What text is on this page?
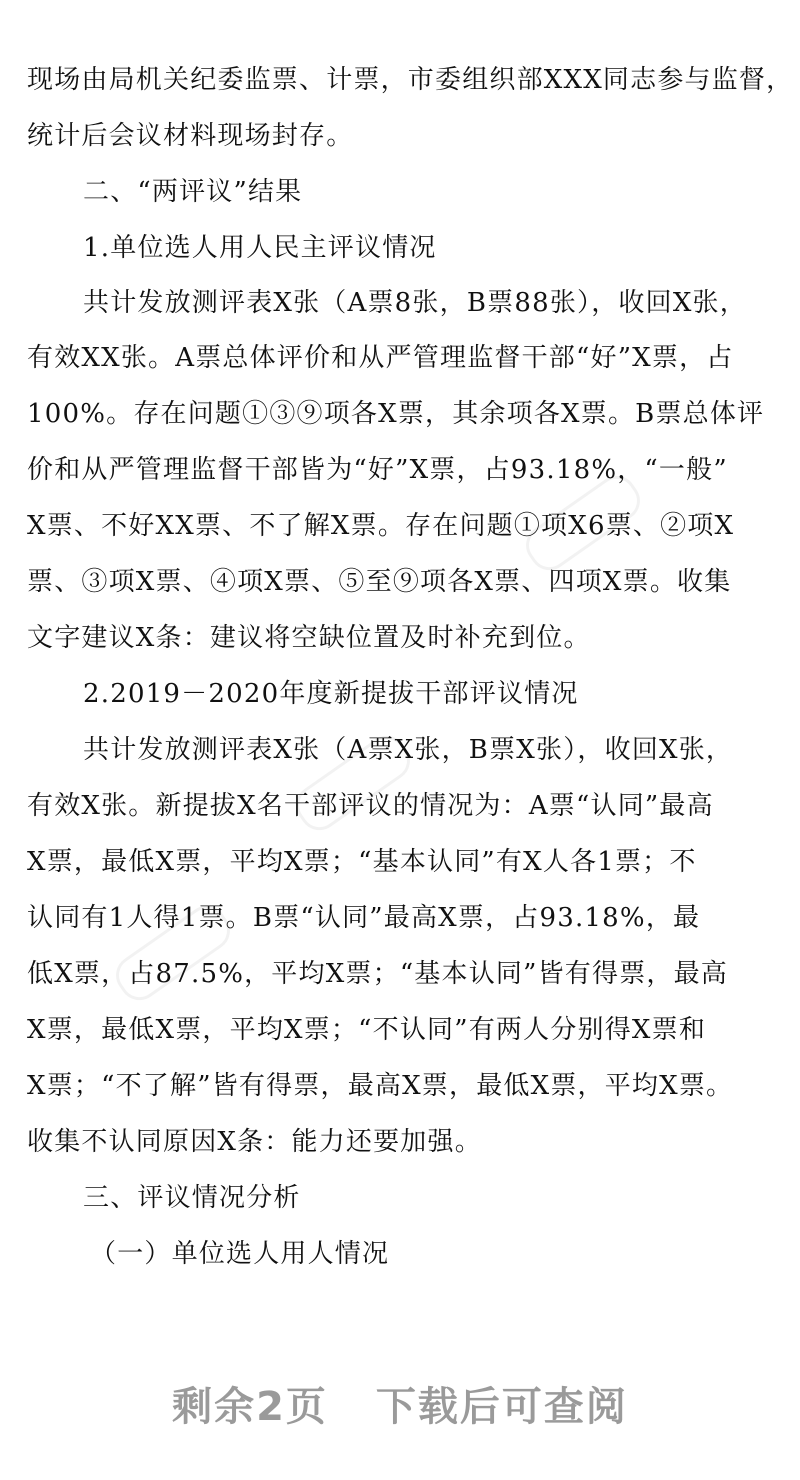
现场由局机关纪委监票、计票，市委组织部XXX同志参与监督，
统计后会议材料现场封存。
二、“两评议”结果
1.单位选人用人民主评议情况
共计发放测评表X张（A票8张，B票88张），收回X张，
有效XX张。A票总体评价和从严管理监督干部“好”X票，占
100%。存在问题①③⑨项各X票，其余项各X票。B票总体评
价和从严管理监督干部皆为“好”X票，占93.18%，“一般”
X票、不好XX票、不了解X票。存在问题①项X6票、②项X
票、③项X票、④项X票、⑤至⑨项各X票、四项X票。收集
文字建议X条：建议将空缺位置及时补充到位。
2.2019－2020年度新提拔干部评议情况
共计发放测评表X张（A票X张，B票X张），收回X张，
有效X张。新提拔X名干部评议的情况为：A票“认同”最高
X票，最低X票，平均X票；“基本认同”有X人各1票；不
认同有1人得1票。B票“认同”最高X票，占93.18%，最
低X票，占87.5%，平均X票；“基本认同”皆有得票，最高
X票，最低X票，平均X票；“不认同”有两人分别得X票和
X票；“不了解”皆有得票，最高X票，最低X票，平均X票。
收集不认同原因X条：能力还要加强。
三、评议情况分析
（一）单位选人用人情况
剩余2页 下载后可查阅
